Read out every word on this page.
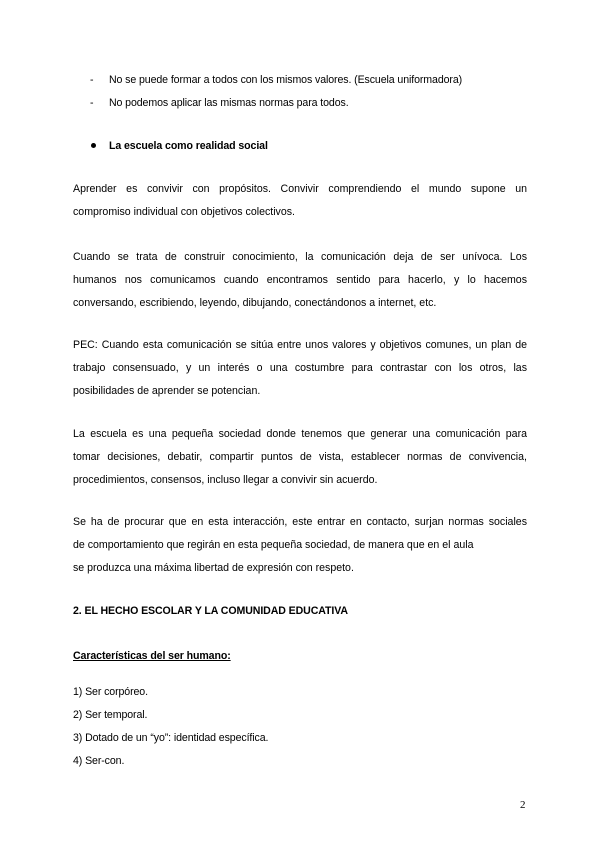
- No se puede formar a todos con los mismos valores. (Escuela uniformadora)
- No podemos aplicar las mismas normas para todos.
La escuela como realidad social
Aprender es convivir con propósitos. Convivir comprendiendo el mundo supone un
compromiso individual con objetivos colectivos.
Cuando se trata de construir conocimiento, la comunicación deja de ser unívoca. Los
humanos nos comunicamos cuando encontramos sentido para hacerlo, y lo hacemos
conversando, escribiendo, leyendo, dibujando, conectándonos a internet, etc.
PEC: Cuando esta comunicación se sitúa entre unos valores y objetivos comunes, un plan de
trabajo consensuado, y un interés o una costumbre para contrastar con los otros, las
posibilidades de aprender se potencian.
La escuela es una pequeña sociedad donde tenemos que generar una comunicación para
tomar decisiones, debatir, compartir puntos de vista, establecer normas de convivencia,
procedimientos, consensos, incluso llegar a convivir sin acuerdo.
Se ha de procurar que en esta interacción, este entrar en contacto, surjan normas sociales
de comportamiento que regirán en esta pequeña sociedad, de manera que en el aula
se produzca una máxima libertad de expresión con respeto.
2. EL HECHO ESCOLAR Y LA COMUNIDAD EDUCATIVA
Características del ser humano:
1) Ser corpóreo.
2) Ser temporal.
3) Dotado de un “yo”: identidad específica.
4) Ser-con.
2
